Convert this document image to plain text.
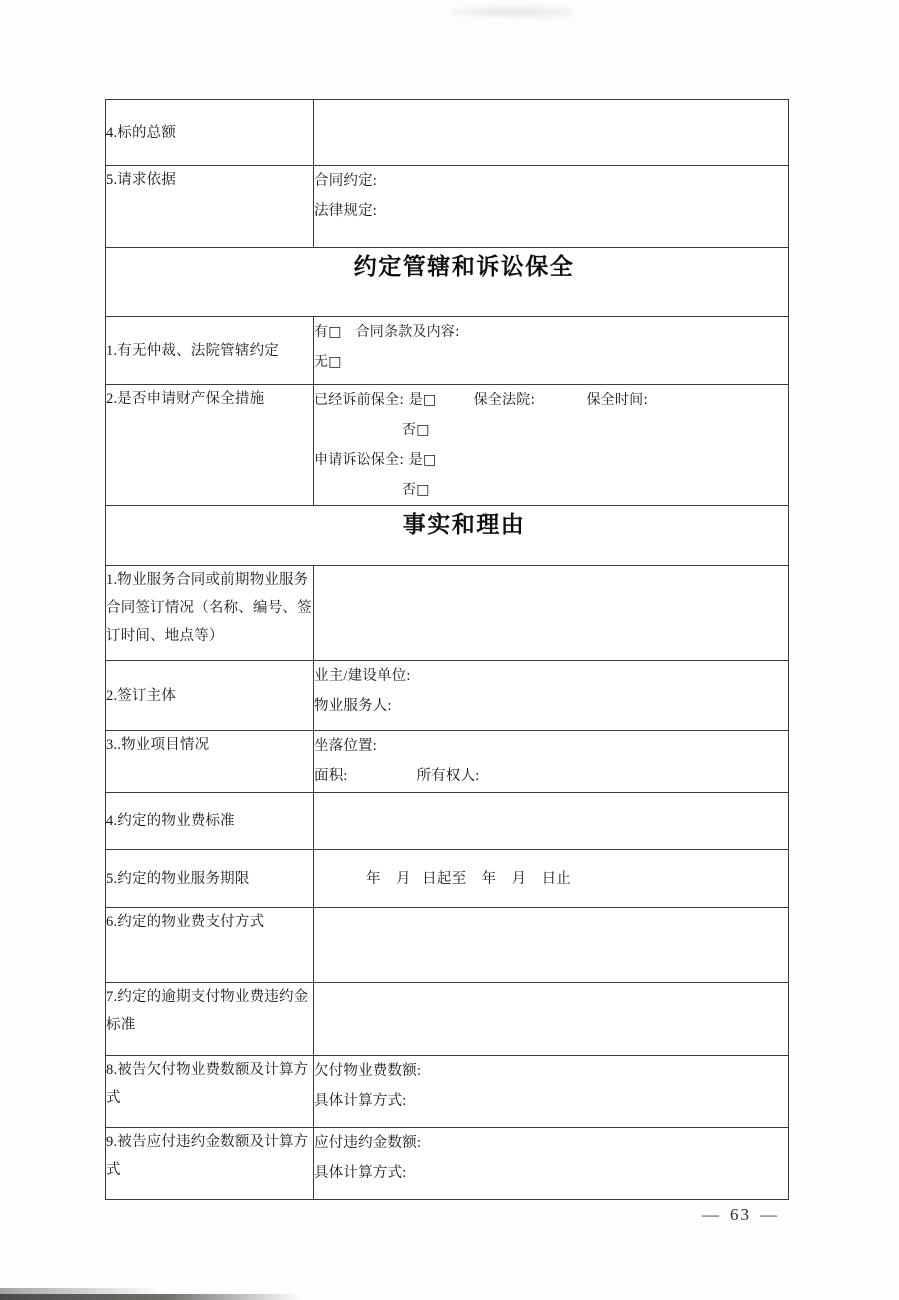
4.标的总额	
5.请求依据	合同约定:
法律规定:

约定管辖和诉讼保全	

1.有无仲裁、法院管辖约定	有□   合同条款及内容:
无□

2.是否申请财产保全措施	已经诉前保全: 是□        保全法院:           保全时间:
否□
申请诉讼保全: 是□
否□

事实和理由	

1.物业服务合同或前期物业服务合同签订情况（名称、编号、签订时间、地点等）	
2.签订主体	业主/建设单位:
物业服务人:

3..物业项目情况	坐落位置:
面积:                  所有权人:

4.约定的物业费标准	
5.约定的物业服务期限	年    月   日起至    年    月    日止

6.约定的物业费支付方式	
7.约定的逾期支付物业费违约金标准	
8.被告欠付物业费数额及计算方式	欠付物业费数额:
具体计算方式:

9.被告应付违约金数额及计算方式	应付违约金数额:
具体计算方式:
— 63 —
